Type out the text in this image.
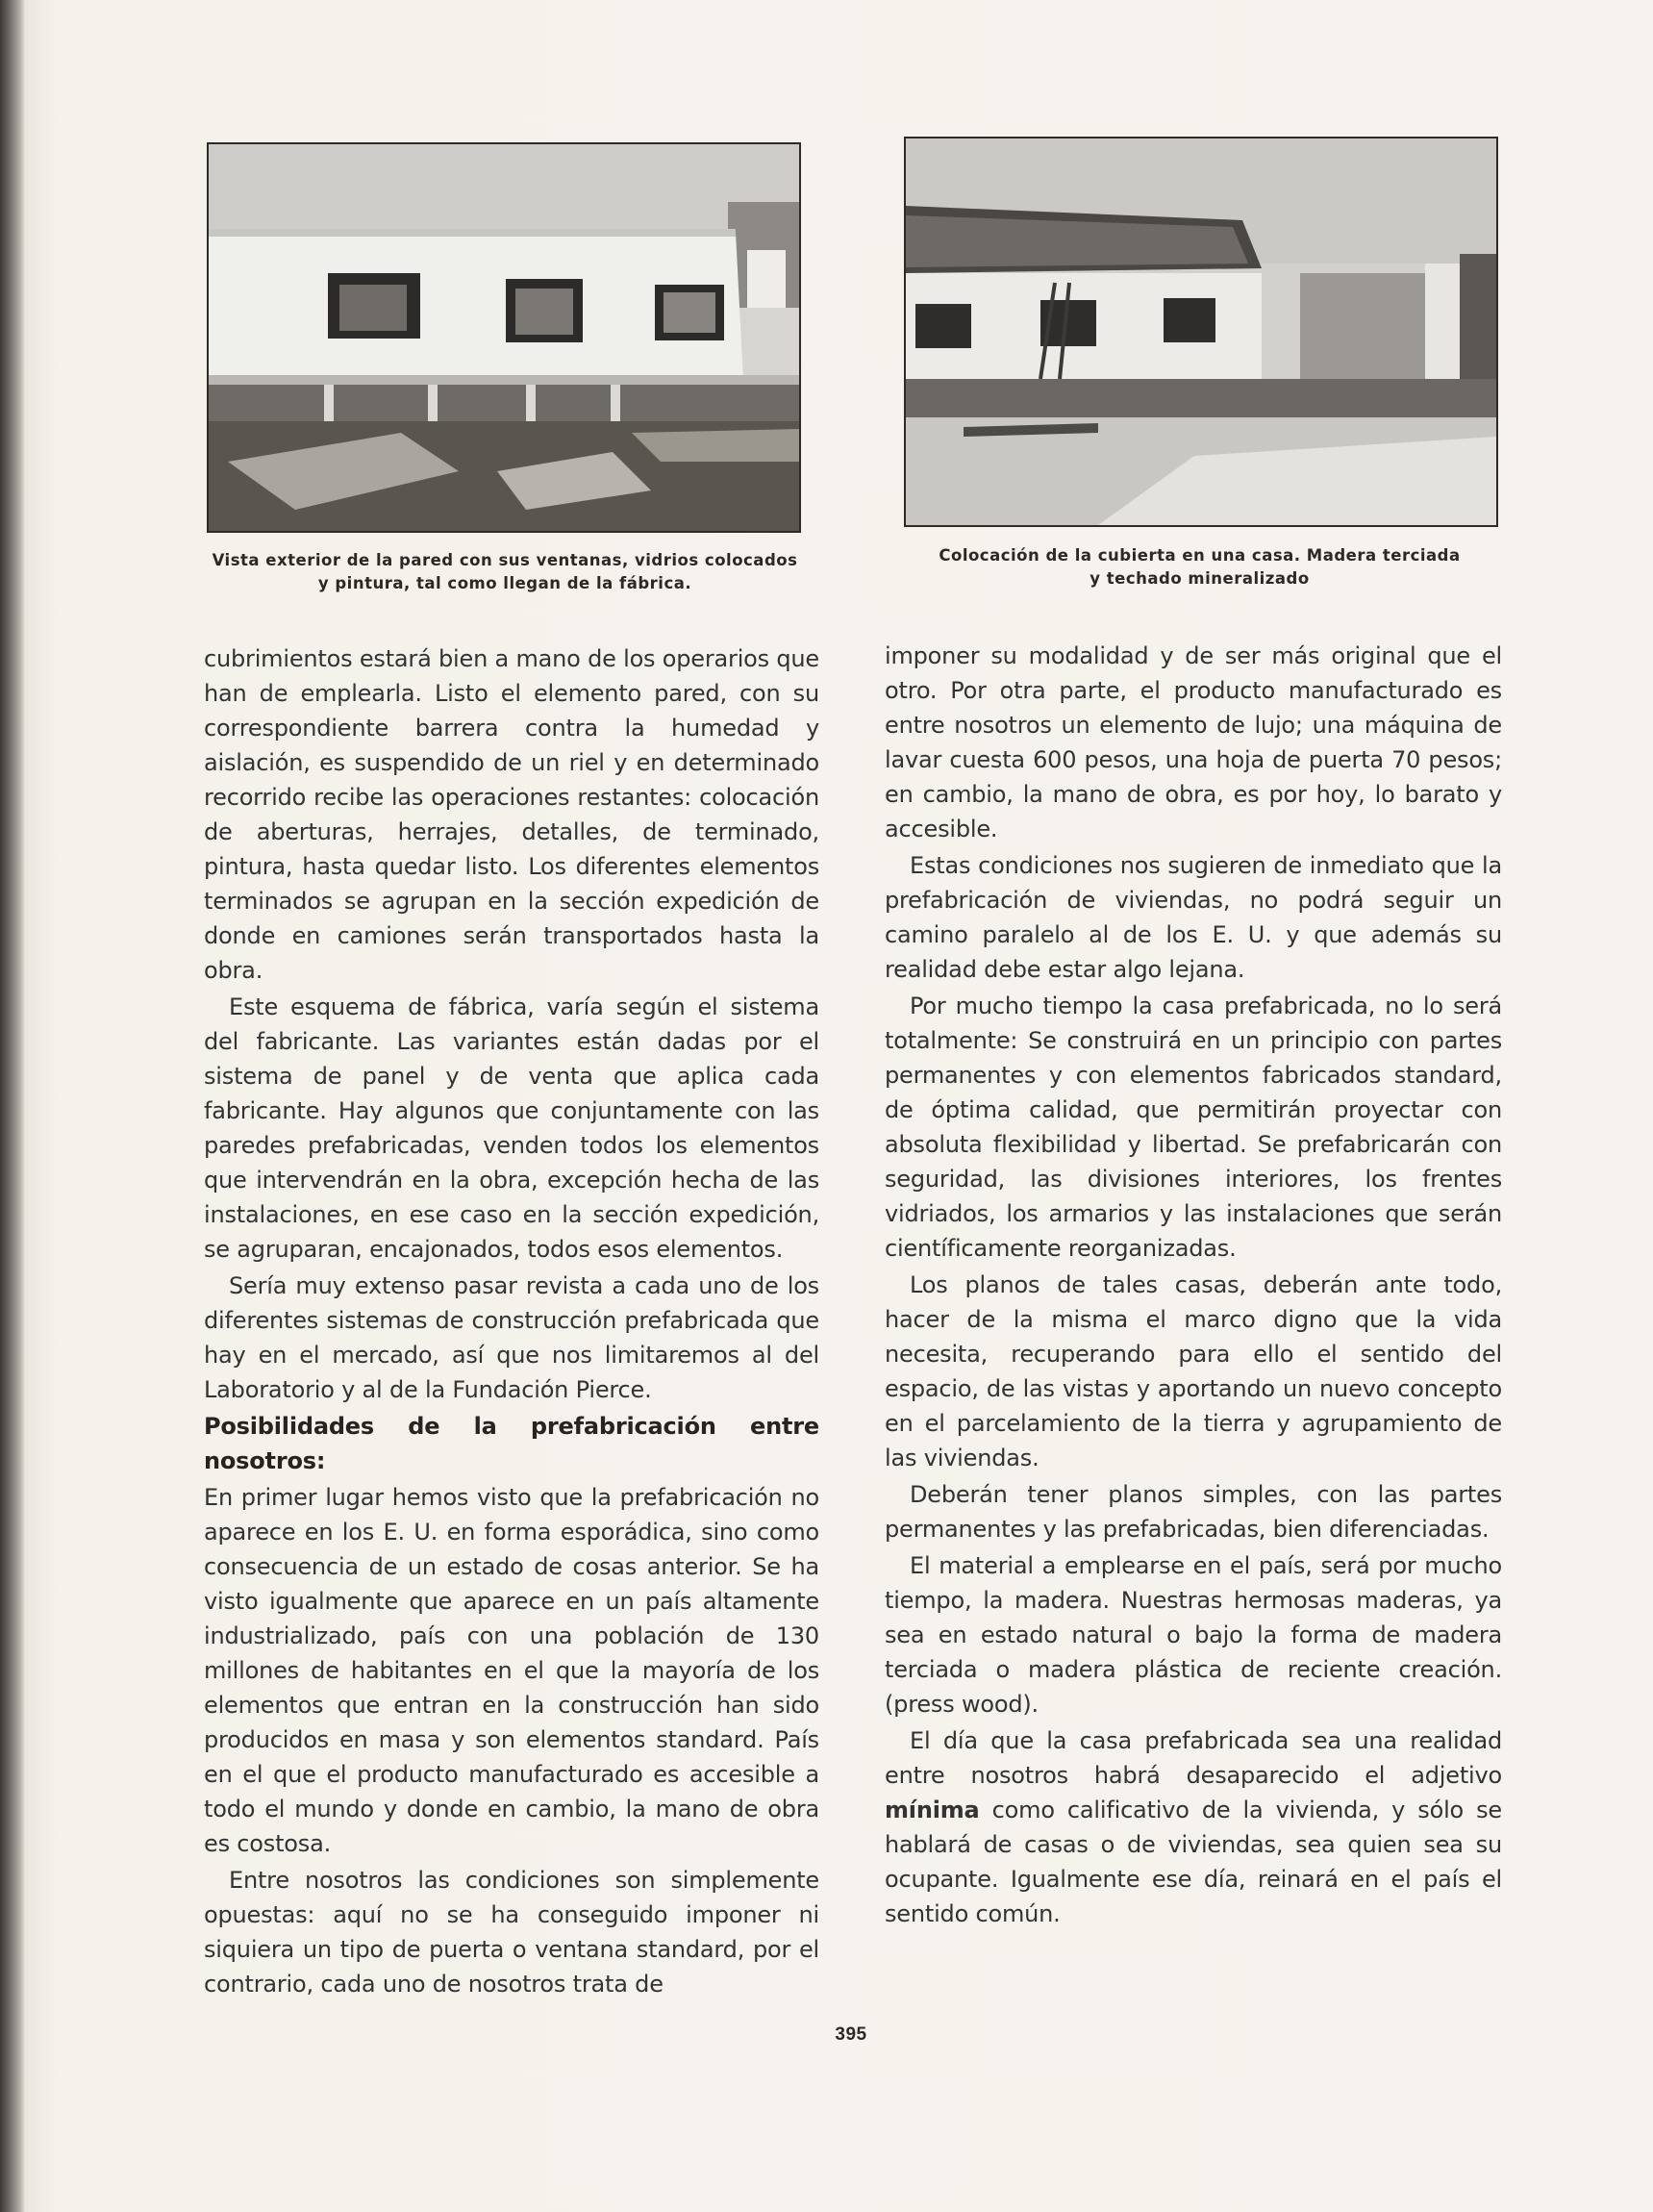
Vista exterior de la pared con sus ventanas, vidrios colocados
y pintura, tal como llegan de la fábrica.
Colocación de la cubierta en una casa. Madera terciada
y techado mineralizado

cubrimientos estará bien a mano de los operarios que han de emplearla. Listo el elemento pared, con su correspondiente barrera contra la humedad y aislación, es suspendido de un riel y en determinado recorrido recibe las operaciones restantes: colocación de aberturas, herrajes, detalles, de terminado, pintura, hasta quedar listo. Los diferentes elementos terminados se agrupan en la sección expedición de donde en camiones serán transportados hasta la obra.

Este esquema de fábrica, varía según el sistema del fabricante. Las variantes están dadas por el sistema de panel y de venta que aplica cada fabricante. Hay algunos que conjuntamente con las paredes prefabricadas, venden todos los elementos que intervendrán en la obra, excepción hecha de las instalaciones, en ese caso en la sección expedición, se agruparan, encajonados, todos esos elementos.

Sería muy extenso pasar revista a cada uno de los diferentes sistemas de construcción prefabricada que hay en el mercado, así que nos limitaremos al del Laboratorio y al de la Fundación Pierce.

Posibilidades de la prefabricación entre nosotros:

En primer lugar hemos visto que la prefabricación no aparece en los E. U. en forma esporádica, sino como consecuencia de un estado de cosas anterior. Se ha visto igualmente que aparece en un país altamente industrializado, país con una población de 130 millones de habitantes en el que la mayoría de los elementos que entran en la construcción han sido producidos en masa y son elementos standard. País en el que el producto manufacturado es accesible a todo el mundo y donde en cambio, la mano de obra es costosa.

Entre nosotros las condiciones son simplemente opuestas: aquí no se ha conseguido imponer ni siquiera un tipo de puerta o ventana standard, por el contrario, cada uno de nosotros trata de

imponer su modalidad y de ser más original que el otro. Por otra parte, el producto manufacturado es entre nosotros un elemento de lujo; una máquina de lavar cuesta 600 pesos, una hoja de puerta 70 pesos; en cambio, la mano de obra, es por hoy, lo barato y accesible.

Estas condiciones nos sugieren de inmediato que la prefabricación de viviendas, no podrá seguir un camino paralelo al de los E. U. y que además su realidad debe estar algo lejana.

Por mucho tiempo la casa prefabricada, no lo será totalmente: Se construirá en un principio con partes permanentes y con elementos fabricados standard, de óptima calidad, que permitirán proyectar con absoluta flexibilidad y libertad. Se prefabricarán con seguridad, las divisiones interiores, los frentes vidriados, los armarios y las instalaciones que serán científicamente reorganizadas.

Los planos de tales casas, deberán ante todo, hacer de la misma el marco digno que la vida necesita, recuperando para ello el sentido del espacio, de las vistas y aportando un nuevo concepto en el parcelamiento de la tierra y agrupamiento de las viviendas.

Deberán tener planos simples, con las partes permanentes y las prefabricadas, bien diferenciadas.

El material a emplearse en el país, será por mucho tiempo, la madera. Nuestras hermosas maderas, ya sea en estado natural o bajo la forma de madera terciada o madera plástica de reciente creación. (press wood).

El día que la casa prefabricada sea una realidad entre nosotros habrá desaparecido el adjetivo mínima como calificativo de la vivienda, y sólo se hablará de casas o de viviendas, sea quien sea su ocupante. Igualmente ese día, reinará en el país el sentido común.

395
